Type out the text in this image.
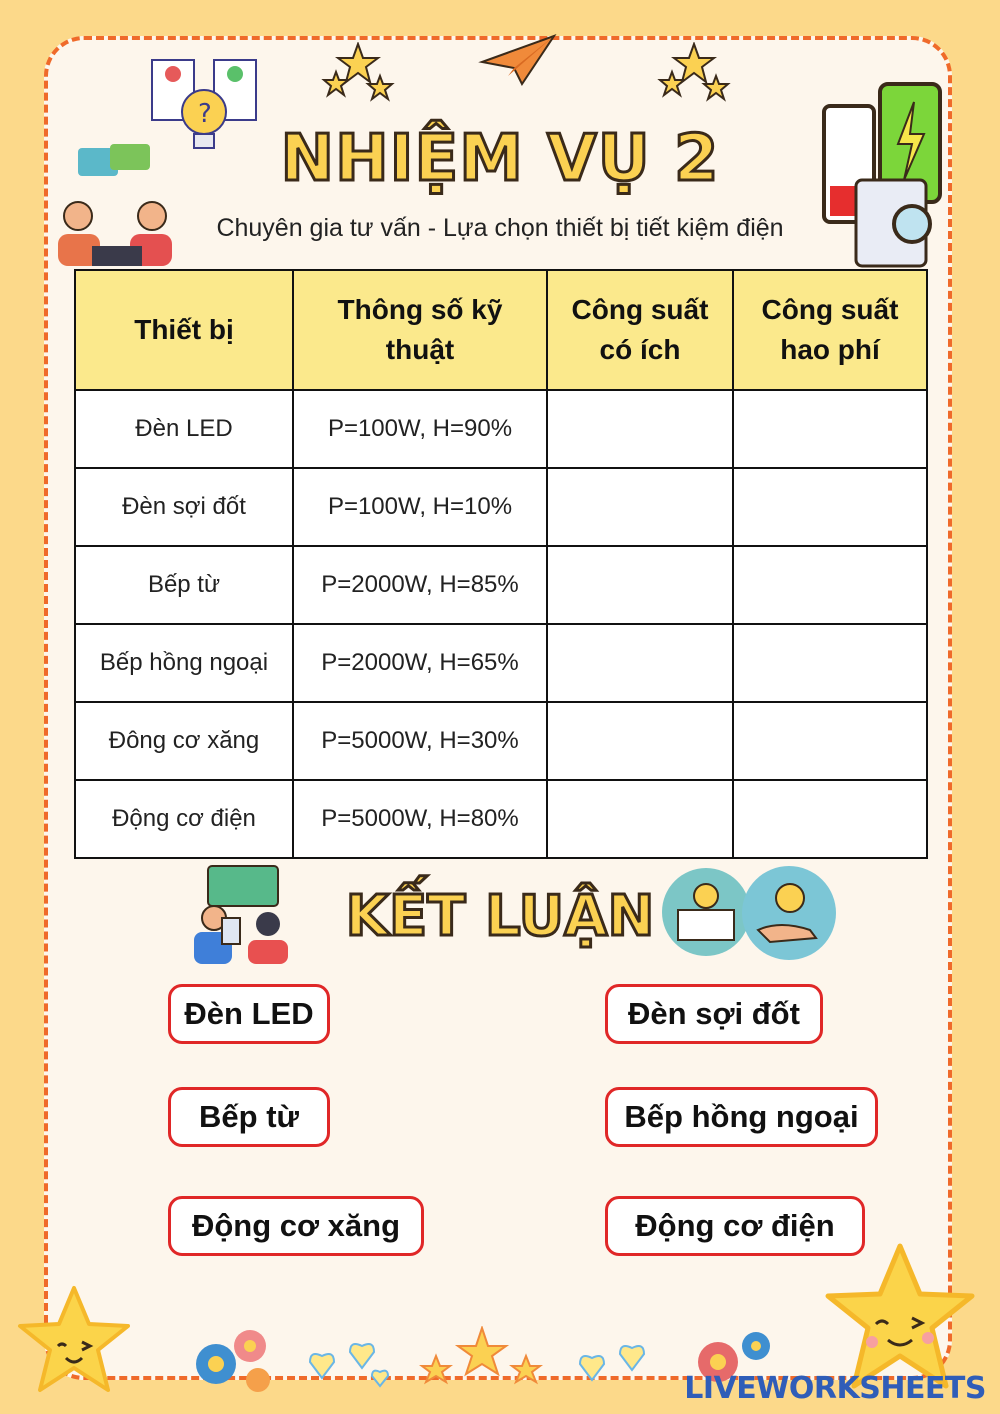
?
NHIỆM VỤ 2
Chuyên gia tư vấn - Lựa chọn thiết bị tiết kiệm điện
Thiết bị	Thông số kỹ thuật	Công suất có ích	Công suất hao phí
Đèn LED	P=100W, H=90%		
Đèn sợi đốt	P=100W, H=10%		
Bếp từ	P=2000W, H=85%		
Bếp hồng ngoại	P=2000W, H=65%		
Đông cơ xăng	P=5000W, H=30%		
Động cơ điện	P=5000W, H=80%		
KẾT LUẬN
Đèn LED	Đèn sợi đốt
Bếp từ	Bếp hồng ngoại
Động cơ xăng	Động cơ điện
LIVEWORKSHEETS
